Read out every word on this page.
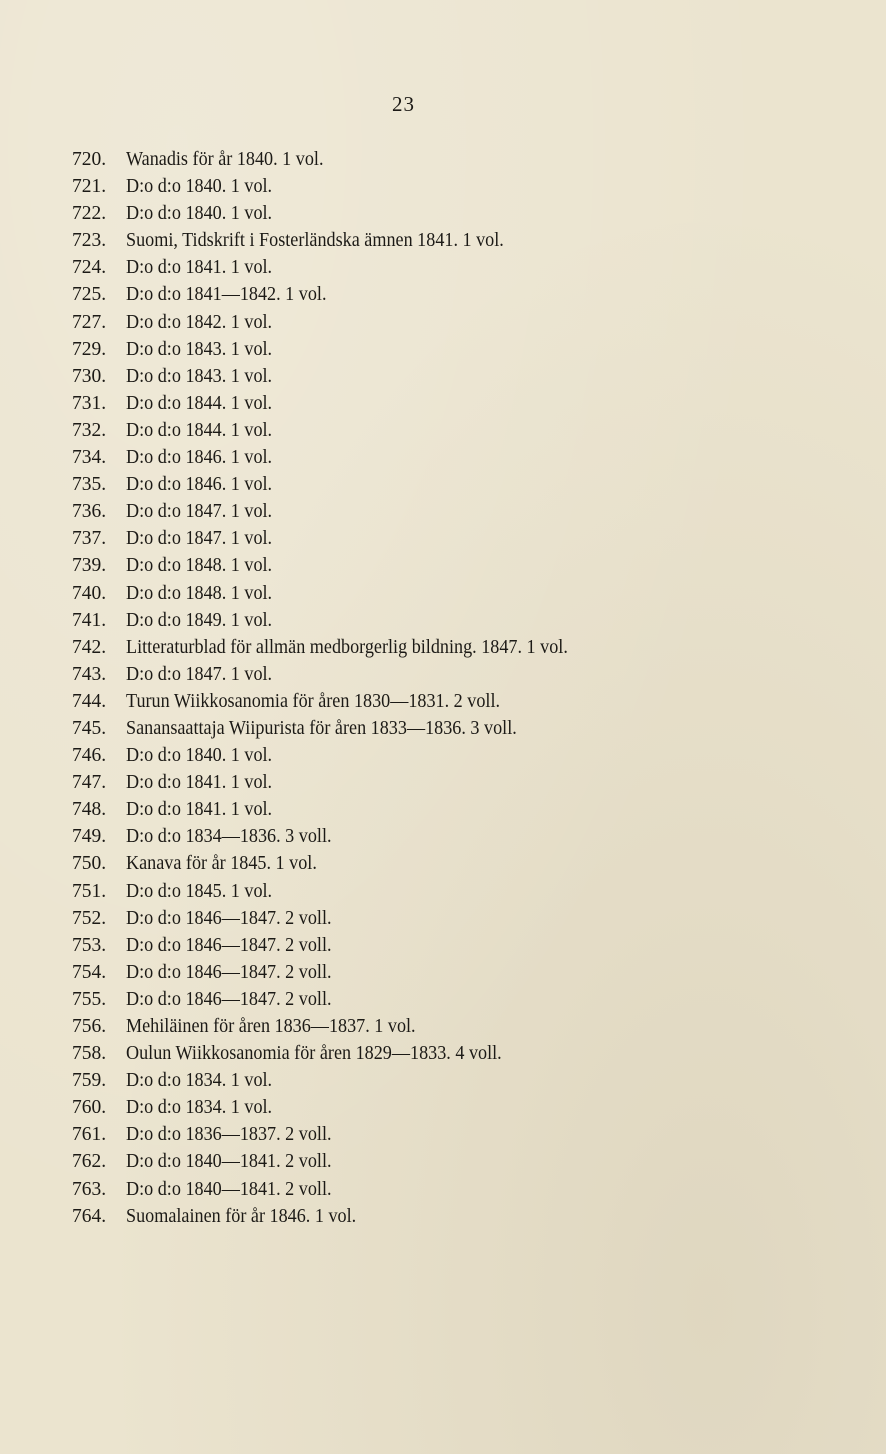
23
720. Wanadis för år 1840. 1 vol.
721. D:o d:o 1840. 1 vol.
722. D:o d:o 1840. 1 vol.
723. Suomi, Tidskrift i Fosterländska ämnen 1841. 1 vol.
724. D:o d:o 1841. 1 vol.
725. D:o d:o 1841—1842. 1 vol.
727. D:o d:o 1842. 1 vol.
729. D:o d:o 1843. 1 vol.
730. D:o d:o 1843. 1 vol.
731. D:o d:o 1844. 1 vol.
732. D:o d:o 1844. 1 vol.
734. D:o d:o 1846. 1 vol.
735. D:o d:o 1846. 1 vol.
736. D:o d:o 1847. 1 vol.
737. D:o d:o 1847. 1 vol.
739. D:o d:o 1848. 1 vol.
740. D:o d:o 1848. 1 vol.
741. D:o d:o 1849. 1 vol.
742. Litteraturblad för allmän medborgerlig bildning. 1847. 1 vol.
743. D:o d:o 1847. 1 vol.
744. Turun Wiikkosanomia för åren 1830—1831. 2 voll.
745. Sanansaattaja Wiipurista för åren 1833—1836. 3 voll.
746. D:o d:o 1840. 1 vol.
747. D:o d:o 1841. 1 vol.
748. D:o d:o 1841. 1 vol.
749. D:o d:o 1834—1836. 3 voll.
750. Kanava för år 1845. 1 vol.
751. D:o d:o 1845. 1 vol.
752. D:o d:o 1846—1847. 2 voll.
753. D:o d:o 1846—1847. 2 voll.
754. D:o d:o 1846—1847. 2 voll.
755. D:o d:o 1846—1847. 2 voll.
756. Mehiläinen för åren 1836—1837. 1 vol.
758. Oulun Wiikkosanomia för åren 1829—1833. 4 voll.
759. D:o d:o 1834. 1 vol.
760. D:o d:o 1834. 1 vol.
761. D:o d:o 1836—1837. 2 voll.
762. D:o d:o 1840—1841. 2 voll.
763. D:o d:o 1840—1841. 2 voll.
764. Suomalainen för år 1846. 1 vol.
